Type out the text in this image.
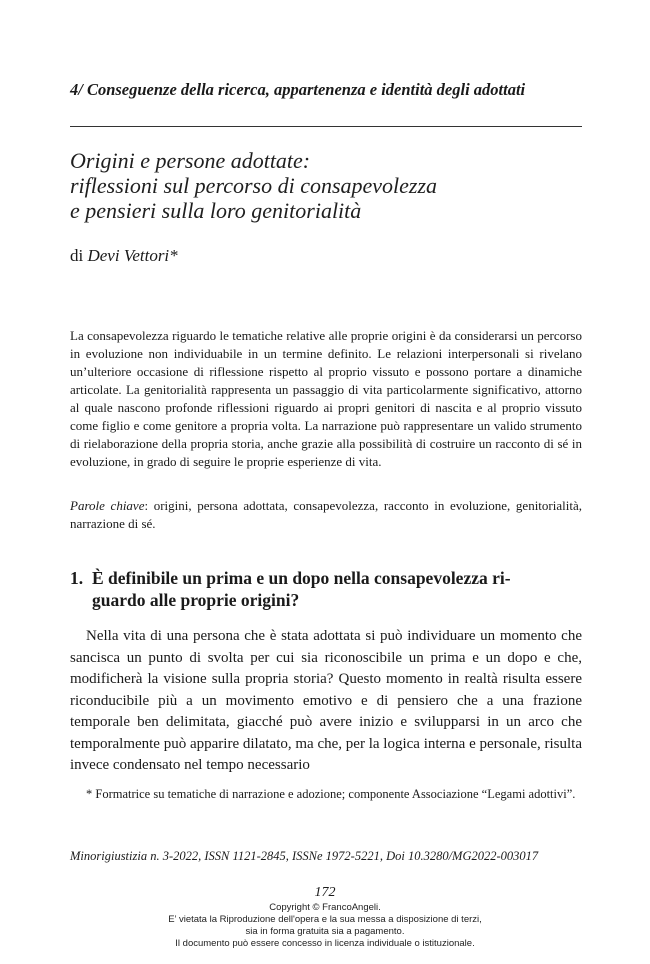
4/ Conseguenze della ricerca, appartenenza e identità degli adottati
Origini e persone adottate:
riflessioni sul percorso di consapevolezza
e pensieri sulla loro genitorialità
di Devi Vettori*
La consapevolezza riguardo le tematiche relative alle proprie origini è da considerarsi un percorso in evoluzione non individuabile in un termine definito. Le relazioni interpersonali si rivelano un’ulteriore occasione di riflessione rispetto al proprio vissuto e possono portare a dinamiche articolate. La genitorialità rappresenta un passaggio di vita particolarmente significativo, attorno al quale nascono profonde riflessioni riguardo ai propri genitori di nascita e al proprio vissuto come figlio e come genitore a propria volta. La narrazione può rappresentare un valido strumento di rielaborazione della propria storia, anche grazie alla possibilità di costruire un racconto di sé in evoluzione, in grado di seguire le proprie esperienze di vita.
Parole chiave: origini, persona adottata, consapevolezza, racconto in evoluzione, genitorialità, narrazione di sé.
1. È definibile un prima e un dopo nella consapevolezza ri-
guardo alle proprie origini?
Nella vita di una persona che è stata adottata si può individuare un momento che sancisca un punto di svolta per cui sia riconoscibile un prima e un dopo e che, modificherà la visione sulla propria storia? Questo momento in realtà risulta essere riconducibile più a un movimento emotivo e di pensiero che a una frazione temporale ben delimitata, giacché può avere inizio e svilupparsi in un arco che temporalmente può apparire dilatato, ma che, per la logica interna e personale, risulta invece condensato nel tempo necessario
* Formatrice su tematiche di narrazione e adozione; componente Associazione “Legami adottivi”.
Minorigiustizia n. 3-2022, ISSN 1121-2845, ISSNe 1972-5221, Doi 10.3280/MG2022-003017
172
Copyright © FrancoAngeli.
E’ vietata la Riproduzione dell'opera e la sua messa a disposizione di terzi,
sia in forma gratuita sia a pagamento.
Il documento può essere concesso in licenza individuale o istituzionale.
